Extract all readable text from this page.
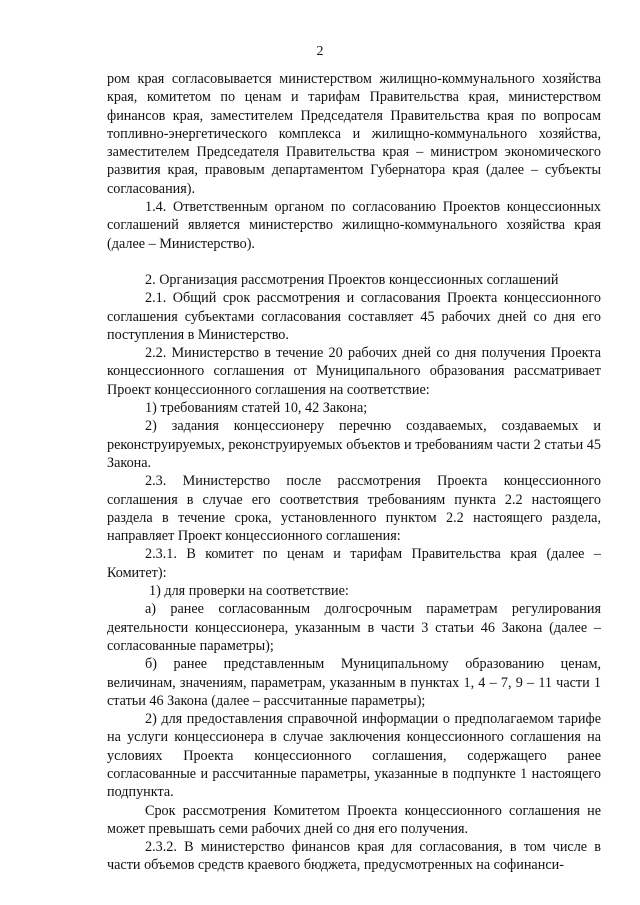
2

ром края согласовывается министерством жилищно-коммунального хозяйства края, комитетом по ценам и тарифам Правительства края, министерством финансов края, заместителем Председателя Правительства края по вопросам топливно-энергетического комплекса и жилищно-коммунального хозяйства, заместителем Председателя Правительства края – министром экономического развития края, правовым департаментом Губернатора края (далее – субъекты согласования).

1.4. Ответственным органом по согласованию Проектов концессионных соглашений является министерство жилищно-коммунального хозяйства края (далее – Министерство).

2. Организация рассмотрения Проектов концессионных соглашений

2.1. Общий срок рассмотрения и согласования Проекта концессионного соглашения субъектами согласования составляет 45 рабочих дней со дня его поступления в Министерство.

2.2. Министерство в течение 20 рабочих дней со дня получения Проекта концессионного соглашения от Муниципального образования рассматривает Проект концессионного соглашения на соответствие:

1) требованиям статей 10, 42 Закона;

2) задания концессионеру перечню создаваемых, создаваемых и реконструируемых, реконструируемых объектов и требованиям части 2 статьи 45 Закона.

2.3. Министерство после рассмотрения Проекта концессионного соглашения в случае его соответствия требованиям пункта 2.2 настоящего раздела в течение срока, установленного пунктом 2.2 настоящего раздела, направляет Проект концессионного соглашения:

2.3.1. В комитет по ценам и тарифам Правительства края (далее – Комитет):

1) для проверки на соответствие:

а) ранее согласованным долгосрочным параметрам регулирования деятельности концессионера, указанным в части 3 статьи 46 Закона (далее – согласованные параметры);

б) ранее представленным Муниципальному образованию ценам, величинам, значениям, параметрам, указанным в пунктах 1, 4 – 7, 9 – 11 части 1 статьи 46 Закона (далее – рассчитанные параметры);

2) для предоставления справочной информации о предполагаемом тарифе на услуги концессионера в случае заключения концессионного соглашения на условиях Проекта концессионного соглашения, содержащего ранее согласованные и рассчитанные параметры, указанные в подпункте 1 настоящего подпункта.

Срок рассмотрения Комитетом Проекта концессионного соглашения не может превышать семи рабочих дней со дня его получения.

2.3.2. В министерство финансов края для согласования, в том числе в части объемов средств краевого бюджета, предусмотренных на софинанси-
